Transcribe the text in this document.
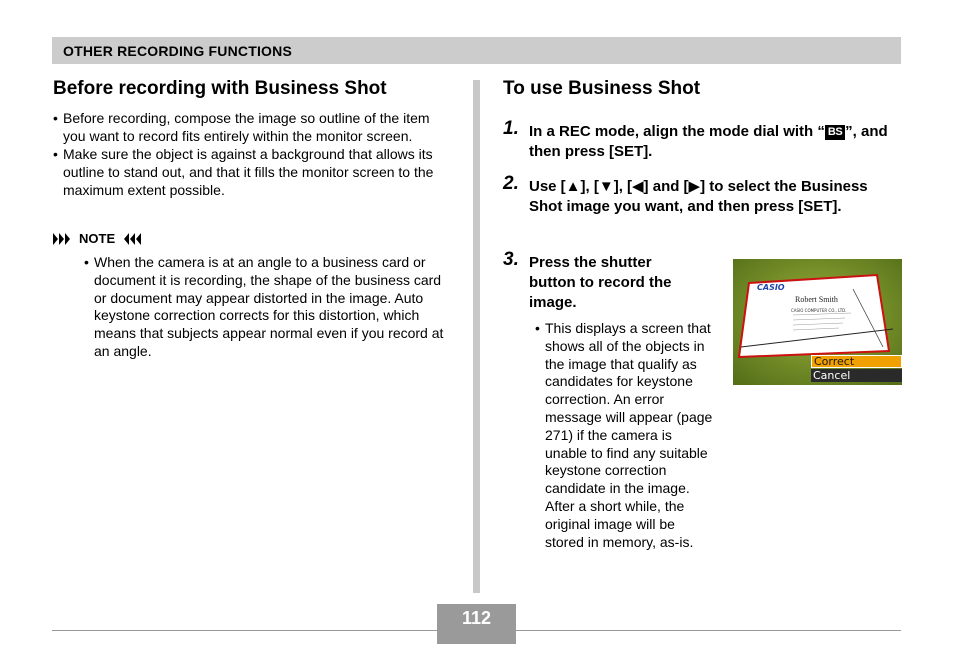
OTHER RECORDING FUNCTIONS
Before recording with Business Shot
• Before recording, compose the image so outline of the item you want to record fits entirely within the monitor screen.
• Make sure the object is against a background that allows its outline to stand out, and that it fills the monitor screen to the maximum extent possible.
NOTE
• When the camera is at an angle to a business card or document it is recording, the shape of the business card or document may appear distorted in the image. Auto keystone correction corrects for this distortion, which means that subjects appear normal even if you record at an angle.
To use Business Shot
1. In a REC mode, align the mode dial with “ BS ”, and then press [SET].
2. Use [▲], [▼], [◀] and [▶] to select the Business Shot image you want, and then press [SET].
3. Press the shutter button to record the image.
• This displays a screen that shows all of the objects in the image that qualify as candidates for keystone correction. An error message will appear (page 271) if the camera is unable to find any suitable keystone correction candidate in the image. After a short while, the original image will be stored in memory, as-is.
CASIO
Robert Smith
CASIO COMPUTER CO., LTD.
Correct
Cancel
112
